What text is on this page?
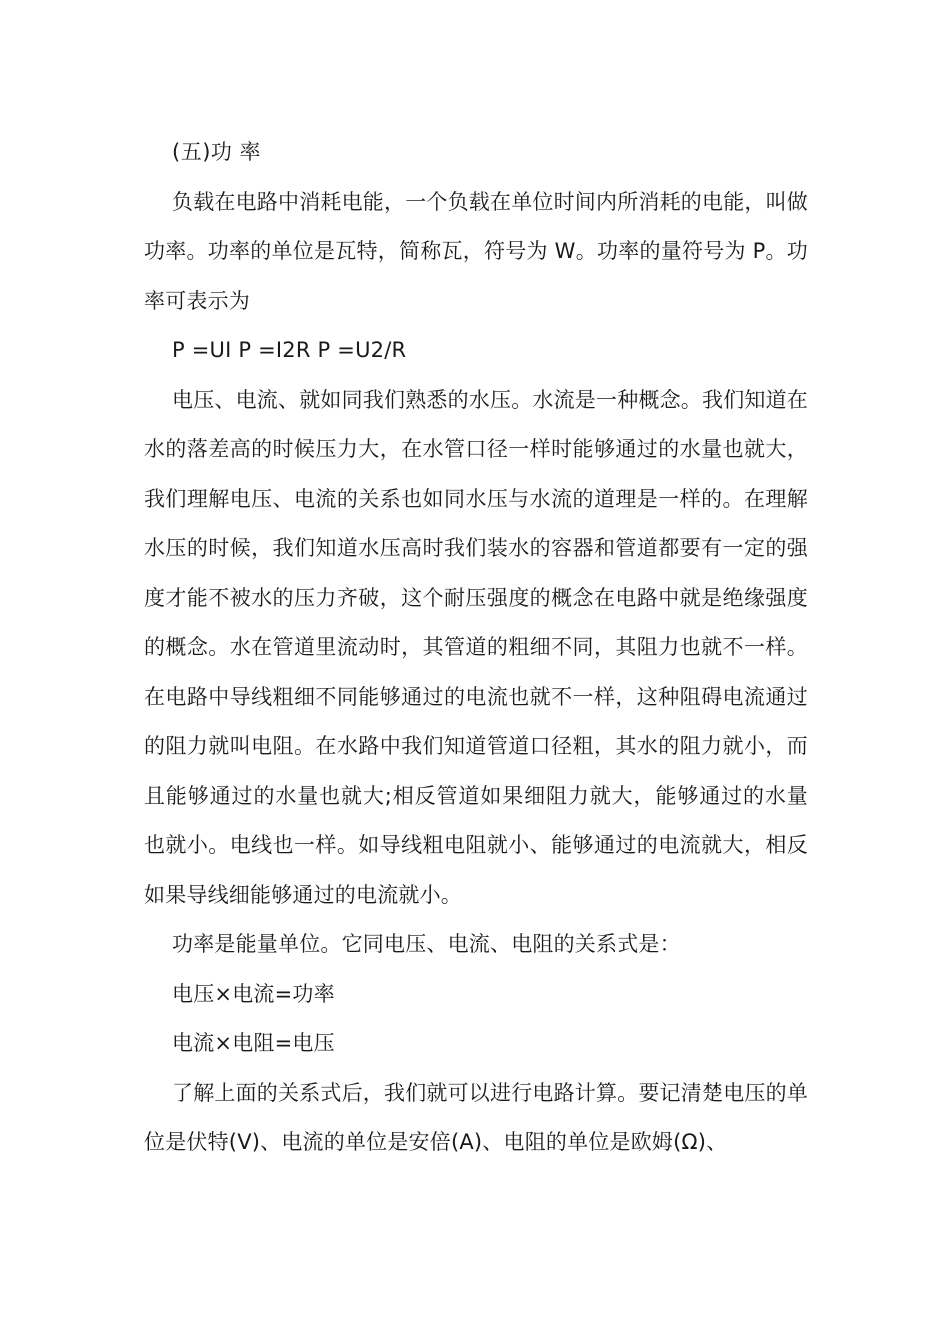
(五)功 率

负载在电路中消耗电能，一个负载在单位时间内所消耗的电能，叫做功率。功率的单位是瓦特，简称瓦，符号为 W。功率的量符号为 P。功率可表示为

P =UI P =I2R P =U2/R

电压、电流、就如同我们熟悉的水压。水流是一种概念。我们知道在水的落差高的时候压力大，在水管口径一样时能够通过的水量也就大，我们理解电压、电流的关系也如同水压与水流的道理是一样的。在理解水压的时候，我们知道水压高时我们装水的容器和管道都要有一定的强度才能不被水的压力齐破，这个耐压强度的概念在电路中就是绝缘强度的概念。水在管道里流动时，其管道的粗细不同，其阻力也就不一样。在电路中导线粗细不同能够通过的电流也就不一样，这种阻碍电流通过的阻力就叫电阻。在水路中我们知道管道口径粗，其水的阻力就小，而且能够通过的水量也就大;相反管道如果细阻力就大，能够通过的水量也就小。电线也一样。如导线粗电阻就小、能够通过的电流就大，相反如果导线细能够通过的电流就小。

功率是能量单位。它同电压、电流、电阻的关系式是：

电压×电流=功率

电流×电阻=电压

了解上面的关系式后，我们就可以进行电路计算。要记清楚电压的单位是伏特(V)、电流的单位是安倍(A)、电阻的单位是欧姆(Ω)、
